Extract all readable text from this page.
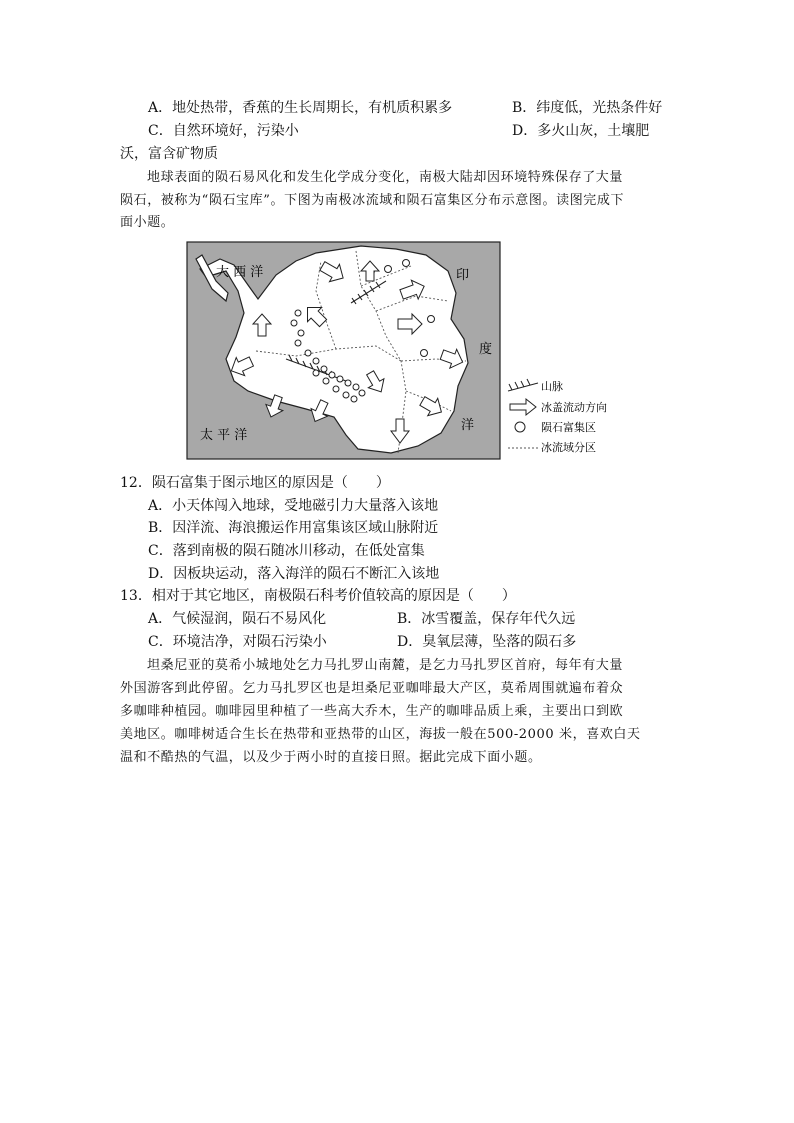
A．地处热带，香蕉的生长周期长，有机质积累多	B．纬度低，光热条件好
C．自然环境好，污染小	D．多火山灰，土壤肥
沃，富含矿物质
地球表面的陨石易风化和发生化学成分变化，南极大陆却因环境特殊保存了大量
陨石，被称为“陨石宝库”。下图为南极冰流域和陨石富集区分布示意图。读图完成下
面小题。
大 西 洋	印
度
洋
太 平 洋
山脉
冰盖流动方向
陨石富集区
冰流域分区
12．陨石富集于图示地区的原因是（　　）
A．小天体闯入地球，受地磁引力大量落入该地
B．因洋流、海浪搬运作用富集该区域山脉附近
C．落到南极的陨石随冰川移动，在低处富集
D．因板块运动，落入海洋的陨石不断汇入该地
13．相对于其它地区，南极陨石科考价值较高的原因是（　　）
A．气候湿润，陨石不易风化	B．冰雪覆盖，保存年代久远
C．环境洁净，对陨石污染小	D．臭氧层薄，坠落的陨石多
坦桑尼亚的莫希小城地处乞力马扎罗山南麓，是乞力马扎罗区首府，每年有大量
外国游客到此停留。乞力马扎罗区也是坦桑尼亚咖啡最大产区，莫希周围就遍布着众
多咖啡种植园。咖啡园里种植了一些高大乔木，生产的咖啡品质上乘，主要出口到欧
美地区。咖啡树适合生长在热带和亚热带的山区，海拔一般在500-2000 米，喜欢白天
温和不酷热的气温，以及少于两小时的直接日照。据此完成下面小题。
